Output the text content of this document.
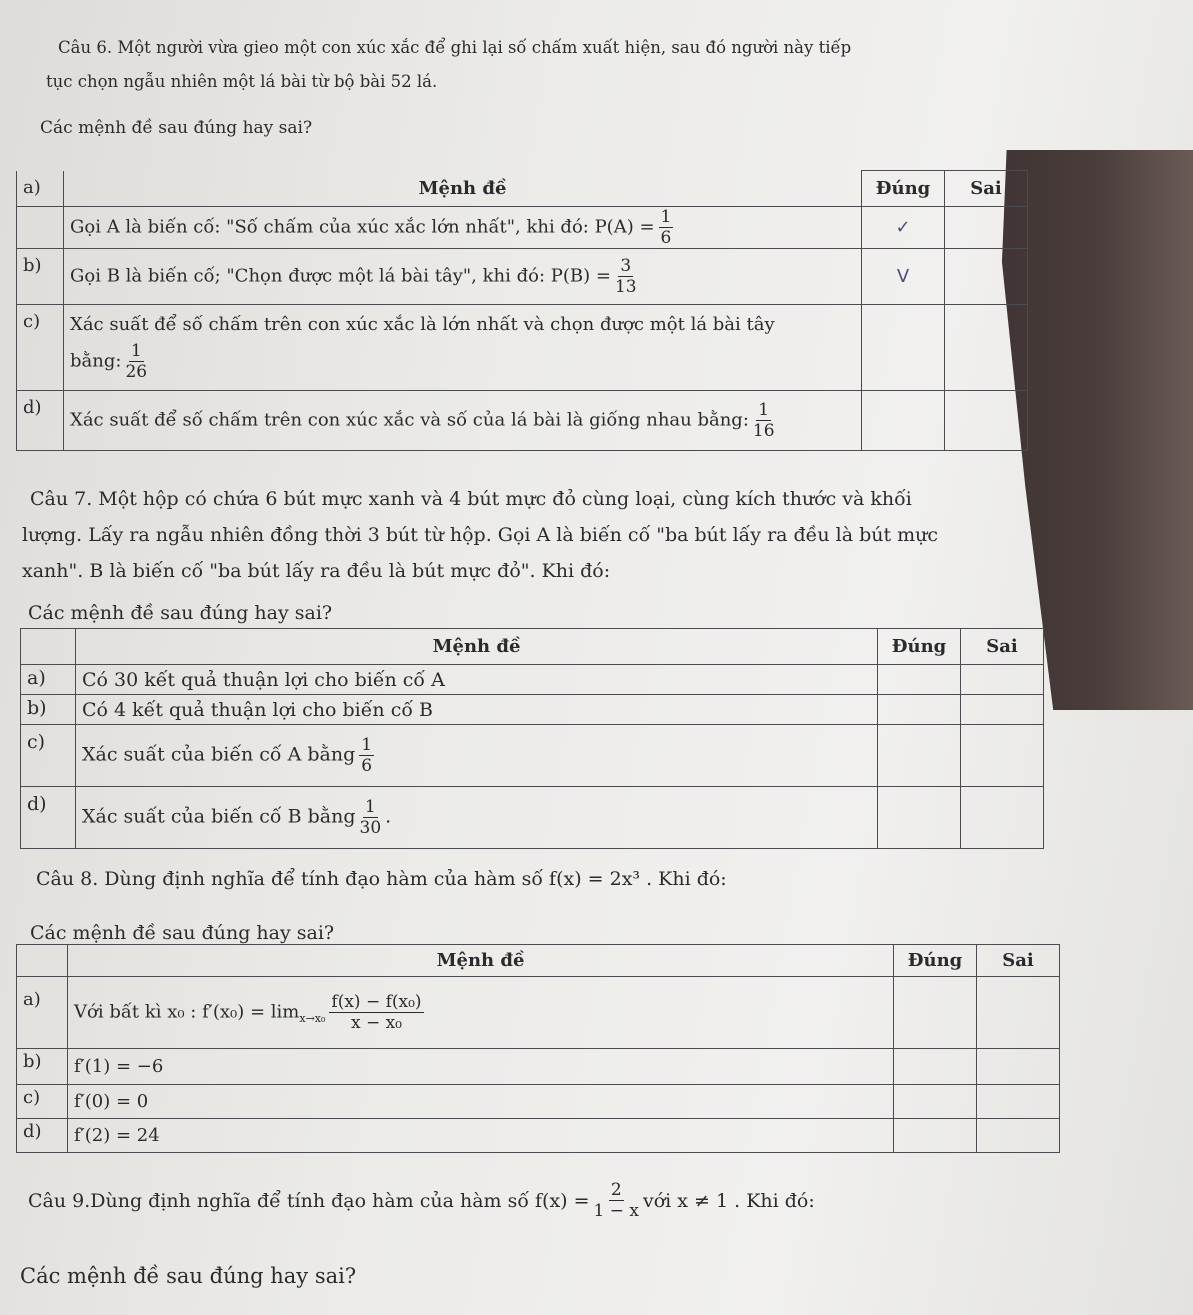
Câu 6. Một người vừa gieo một con xúc xắc để ghi lại số chấm xuất hiện, sau đó người này tiếp
tục chọn ngẫu nhiên một lá bài từ bộ bài 52 lá.
Các mệnh đề sau đúng hay sai?
a)	Mệnh đề	Đúng	Sai
	Gọi A là biến cố: "Số chấm của xúc xắc lớn nhất", khi đó: $P(A) = \frac{1}{6}$	✓	
b)	Gọi B là biến cố; "Chọn được một lá bài tây", khi đó: $P(B) = \frac{3}{13}$	V	
c)	Xác suất để số chấm trên con xúc xắc là lớn nhất và chọn được một lá bài tây
bằng: $\frac{1}{26}$

d)	Xác suất để số chấm trên con xúc xắc và số của lá bài là giống nhau bằng: $\frac{1}{16}$

Câu 7. Một hộp có chứa 6 bút mực xanh và 4 bút mực đỏ cùng loại, cùng kích thước và khối
lượng. Lấy ra ngẫu nhiên đồng thời 3 bút từ hộp. Gọi A là biến cố "ba bút lấy ra đều là bút mực
xanh". B là biến cố "ba bút lấy ra đều là bút mực đỏ". Khi đó:
Các mệnh đề sau đúng hay sai?
	Mệnh đề	Đúng	Sai
a)	Có 30 kết quả thuận lợi cho biến cố A		
b)	Có 4 kết quả thuận lợi cho biến cố B		
c)	Xác suất của biến cố A bằng $\frac{1}{6}$

d)	Xác suất của biến cố B bằng $\frac{1}{30}$ .		
Câu 8. Dùng định nghĩa để tính đạo hàm của hàm số f(x) = 2x³ . Khi đó:
Các mệnh đề sau đúng hay sai?
	Mệnh đề	Đúng	Sai
a)	Với bất kì x₀ : $f'(x_0) = \lim_{x\to x_0} \frac{\text{f(x) − f(x₀)}}{\text{x − x₀}}$

b)	f′(1) = −6		
c)	f′(0) = 0		
d)	f′(2) = 24		
Câu 9.Dùng định nghĩa để tính đạo hàm của hàm số $f(x) = \frac{2}{1 - x}$ với x ≠ 1 . Khi đó:
Các mệnh đề sau đúng hay sai?
